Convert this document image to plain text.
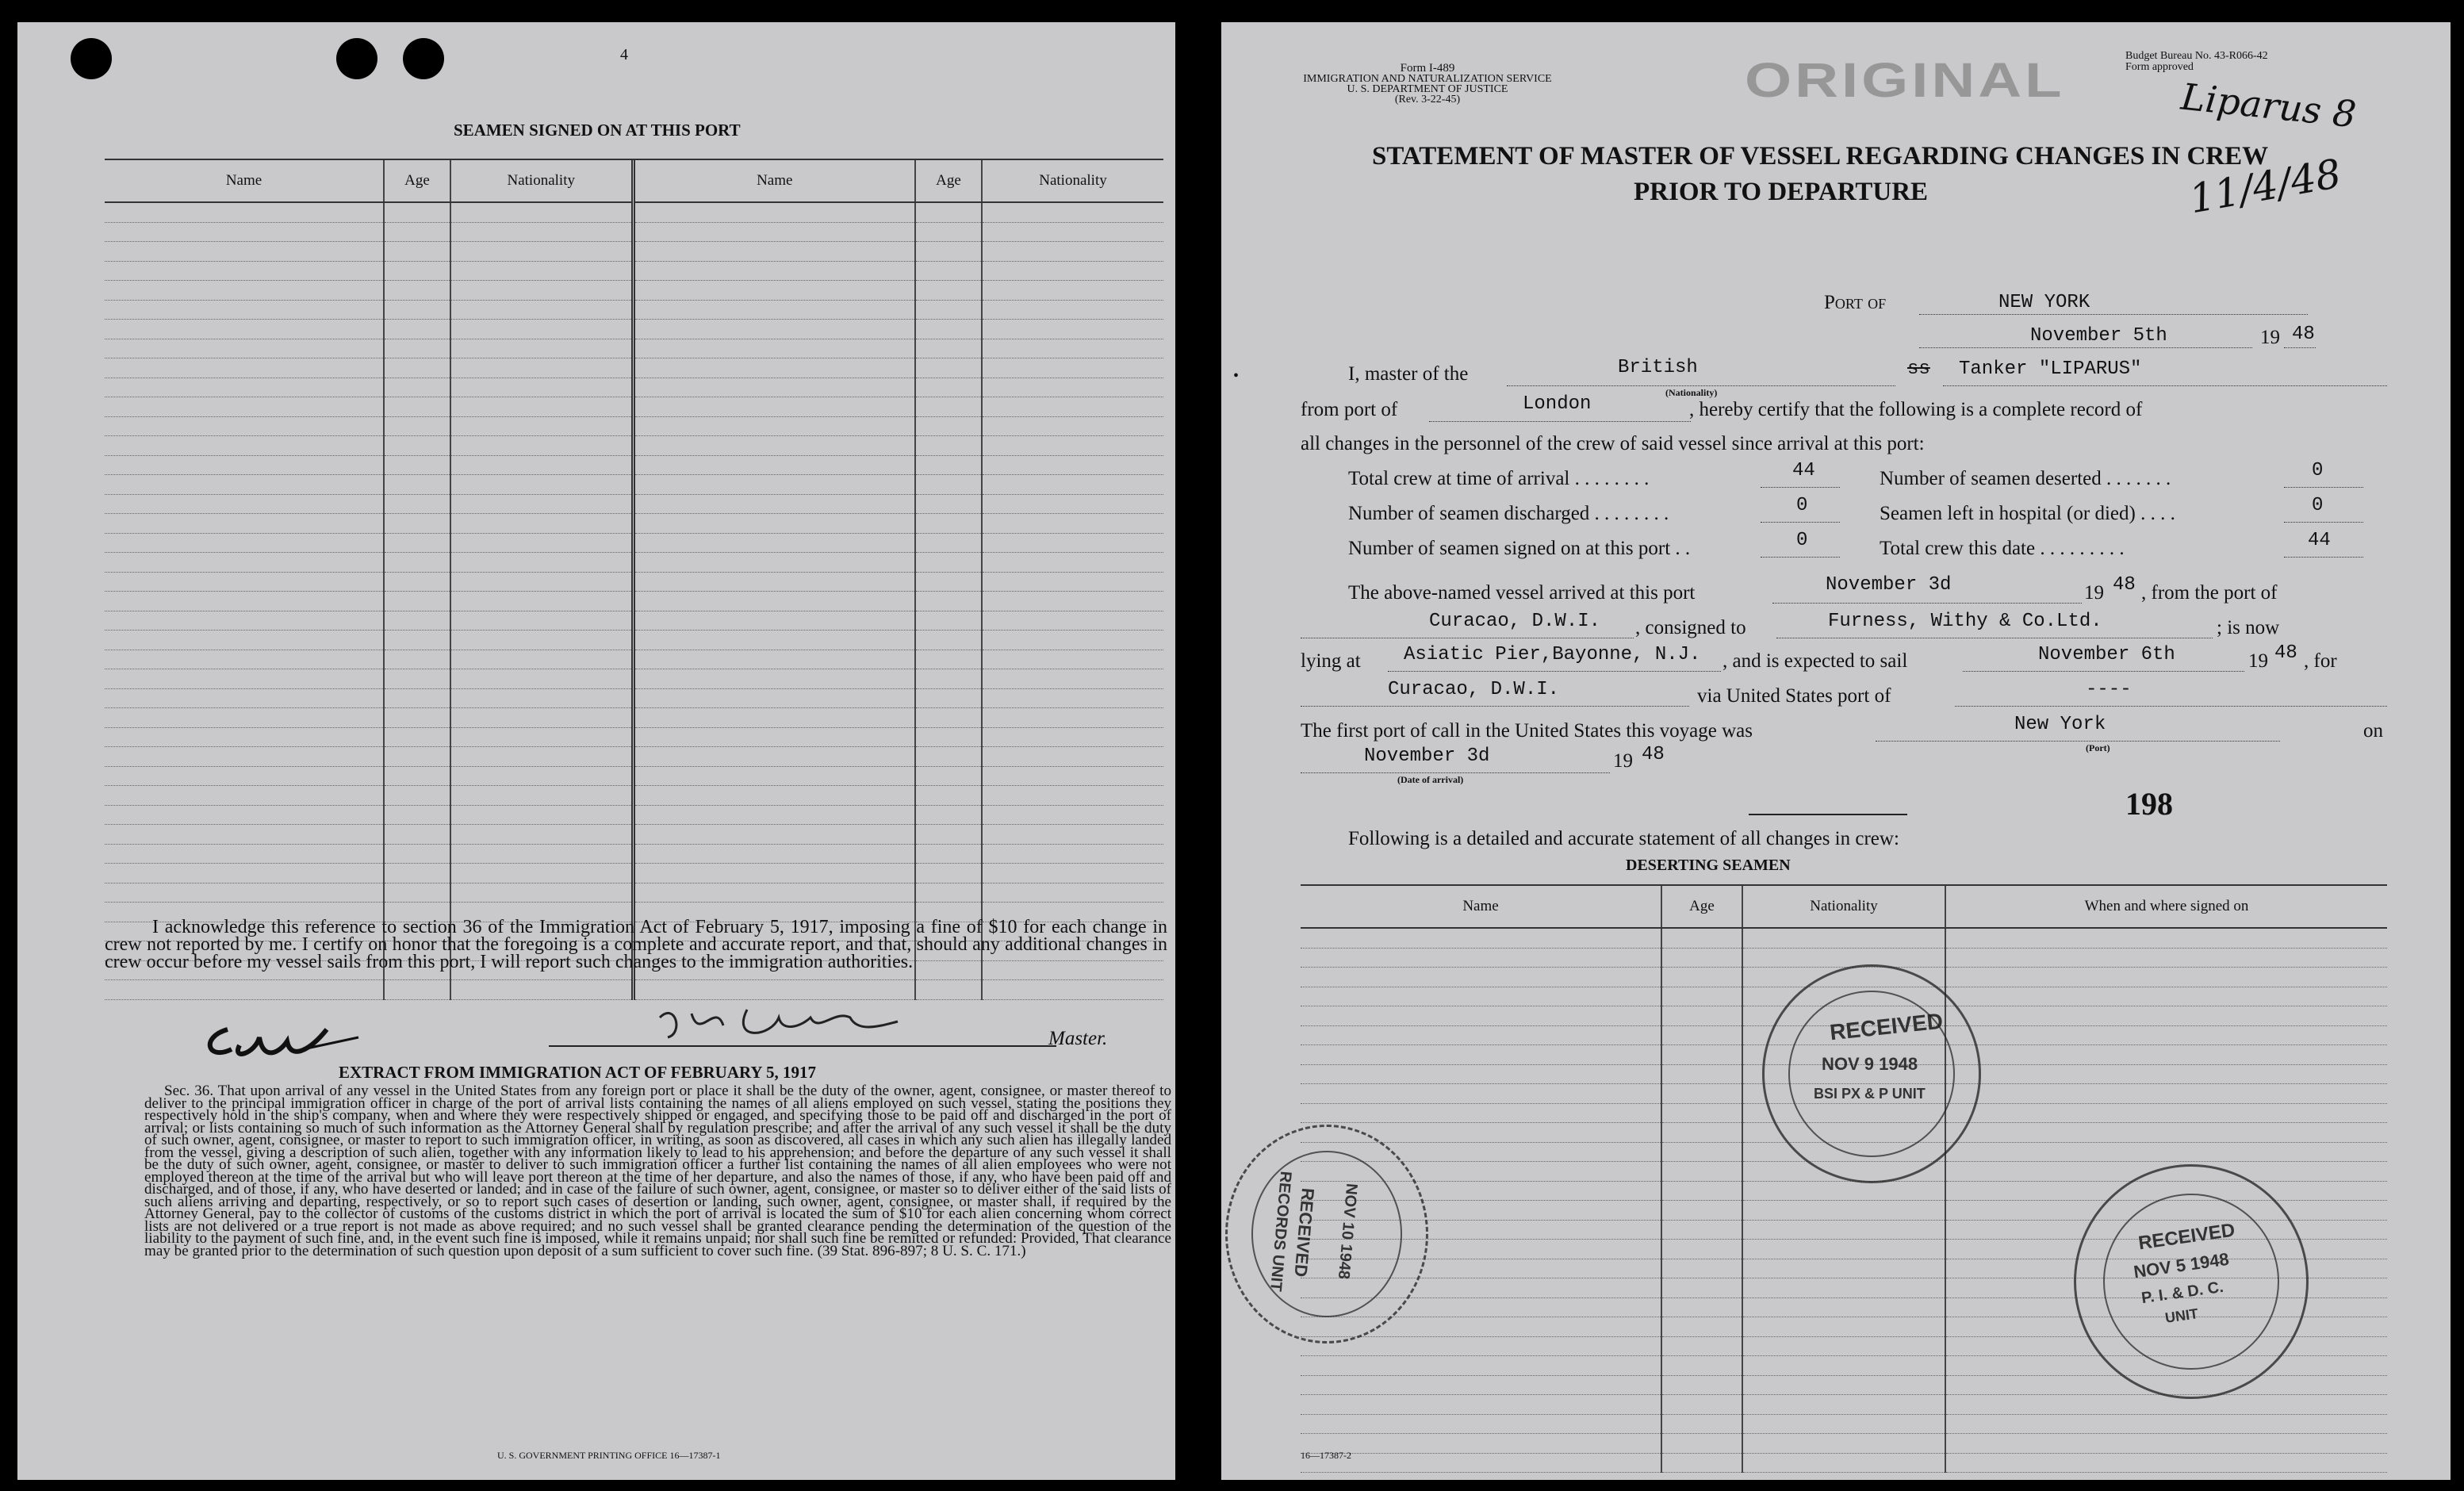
4
SEAMEN SIGNED ON AT THIS PORT
Name	Age	Nationality	Name	Age	Nationality

I acknowledge this reference to section 36 of the Immigration Act of February 5, 1917, imposing a fine of $10 for each change in crew not reported by me. I certify on honor that the foregoing is a complete and accurate report, and that, should any additional changes in crew occur before my vessel sails from this port, I will report such changes to the immigration authorities.
Master.
EXTRACT FROM IMMIGRATION ACT OF FEBRUARY 5, 1917
Sec. 36. That upon arrival of any vessel in the United States from any foreign port or place it shall be the duty of the owner, agent, consignee, or master thereof to deliver to the principal immigration officer in charge of the port of arrival lists containing the names of all aliens employed on such vessel, stating the positions they respectively hold in the ship's company, when and where they were respectively shipped or engaged, and specifying those to be paid off and discharged in the port of arrival; or lists containing so much of such information as the Attorney General shall by regulation prescribe; and after the arrival of any such vessel it shall be the duty of such owner, agent, consignee, or master to report to such immigration officer, in writing, as soon as discovered, all cases in which any such alien has illegally landed from the vessel, giving a description of such alien, together with any information likely to lead to his apprehension; and before the departure of any such vessel it shall be the duty of such owner, agent, consignee, or master to deliver to such immigration officer a further list containing the names of all alien employees who were not employed thereon at the time of the arrival but who will leave port thereon at the time of her departure, and also the names of those, if any, who have been paid off and discharged, and of those, if any, who have deserted or landed; and in case of the failure of such owner, agent, consignee, or master so to deliver either of the said lists of such aliens arriving and departing, respectively, or so to report such cases of desertion or landing, such owner, agent, consignee, or master shall, if required by the Attorney General, pay to the collector of customs of the customs district in which the port of arrival is located the sum of $10 for each alien concerning whom correct lists are not delivered or a true report is not made as above required; and no such vessel shall be granted clearance pending the determination of the question of the liability to the payment of such fine, and, in the event such fine is imposed, while it remains unpaid; nor shall such fine be remitted or refunded: Provided, That clearance may be granted prior to the determination of such question upon deposit of a sum sufficient to cover such fine. (39 Stat. 896-897; 8 U. S. C. 171.)
U. S. GOVERNMENT PRINTING OFFICE 16—17387-1
Form I-489
IMMIGRATION AND NATURALIZATION SERVICE
U. S. DEPARTMENT OF JUSTICE
(Rev. 3-22-45)	ORIGINAL	Budget Bureau No. 43-R066-42
Form approved
Liparus 8
11/4/48
STATEMENT OF MASTER OF VESSEL REGARDING CHANGES IN CREW
PRIOR TO DEPARTURE
Port of	NEW YORK
November 5th	19 48
•	I, master of the	British
(Nationality)
ss Tanker "LIPARUS"
from port of	London	, hereby certify that the following is a complete record of
all changes in the personnel of the crew of said vessel since arrival at this port:
Total crew at time of arrival . . . . . . . .	44
Number of seamen discharged . . . . . . . .	0
Number of seamen signed on at this port . .	0
Number of seamen deserted . . . . . . .	0
Seamen left in hospital (or died) . . . .	0
Total crew this date . . . . . . . . .	44
The above-named vessel arrived at this port	November 3d	19 48 , from the port of
Curacao, D.W.I. , consigned to	Furness, Withy & Co.Ltd.	; is now
lying at Asiatic Pier,Bayonne, N.J. , and is expected to sail	November 6th	19 48 , for
Curacao, D.W.I.	via United States port of	----
The first port of call in the United States this voyage was	New York
(Port)
on
November 3d
(Date of arrival)
19 48
198
Following is a detailed and accurate statement of all changes in crew:
DESERTING SEAMEN
Name	Age	Nationality	When and where signed on

RECEIVED
NOV 9 1948
BSI PX & P UNIT
RECEIVED NOV 10 1948
RECORDS UNIT	RECEIVED
NOV 5 1948
P. I. & D. C.
UNIT
16—17387-2
